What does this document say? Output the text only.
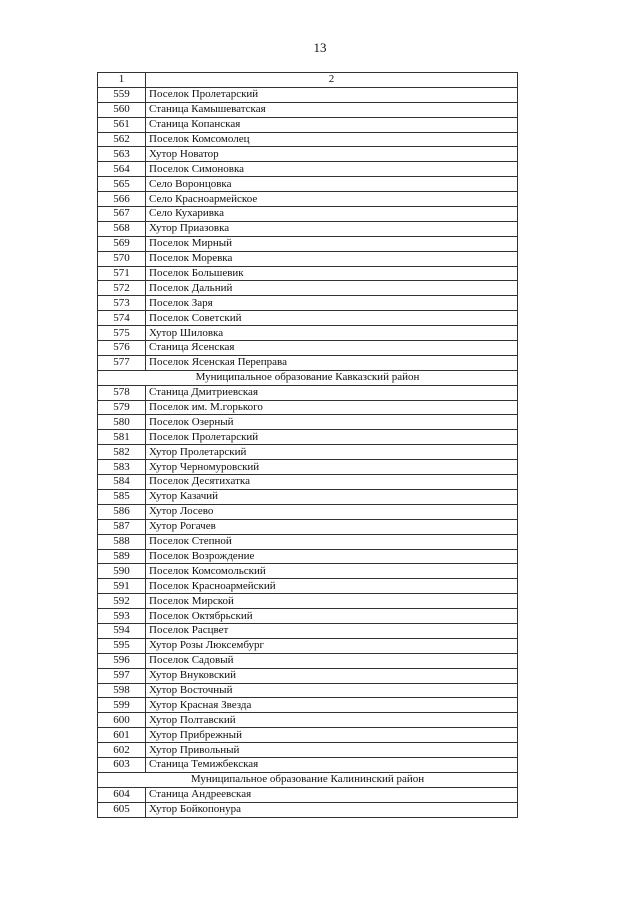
13
1	2
559	Поселок Пролетарский
560	Станица Камышеватская
561	Станица Копанская
562	Поселок Комсомолец
563	Хутор Новатор
564	Поселок Симоновка
565	Село Воронцовка
566	Село Красноармейское
567	Село Кухаривка
568	Хутор Приазовка
569	Поселок Мирный
570	Поселок Моревка
571	Поселок Большевик
572	Поселок Дальний
573	Поселок Заря
574	Поселок Советский
575	Хутор Шиловка
576	Станица Ясенская
577	Поселок Ясенская Переправа
Муниципальное образование Кавказский район	
578	Станица Дмитриевская
579	Поселок им. М.горького
580	Поселок Озерный
581	Поселок Пролетарский
582	Хутор Пролетарский
583	Хутор Черномуровский
584	Поселок Десятихатка
585	Хутор Казачий
586	Хутор Лосево
587	Хутор Рогачев
588	Поселок Степной
589	Поселок Возрождение
590	Поселок Комсомольский
591	Поселок Красноармейский
592	Поселок Мирской
593	Поселок Октябрьский
594	Поселок Расцвет
595	Хутор Розы Люксембург
596	Поселок Садовый
597	Хутор Внуковский
598	Хутор Восточный
599	Хутор Красная Звезда
600	Хутор Полтавский
601	Хутор Прибрежный
602	Хутор Привольный
603	Станица Темижбекская
Муниципальное образование Калининский район	
604	Станица Андреевская
605	Хутор Бойкопонура
